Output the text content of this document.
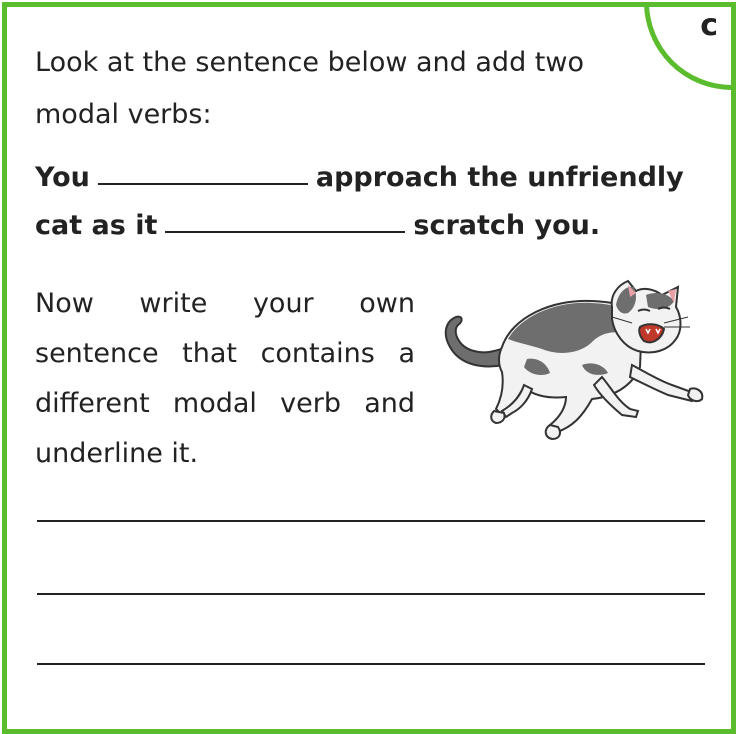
c
Look at the sentence below and add two modal verbs:
You	approach the unfriendly
cat as it	scratch you.
Now write your own sentence that contains a different modal verb and underline it.
